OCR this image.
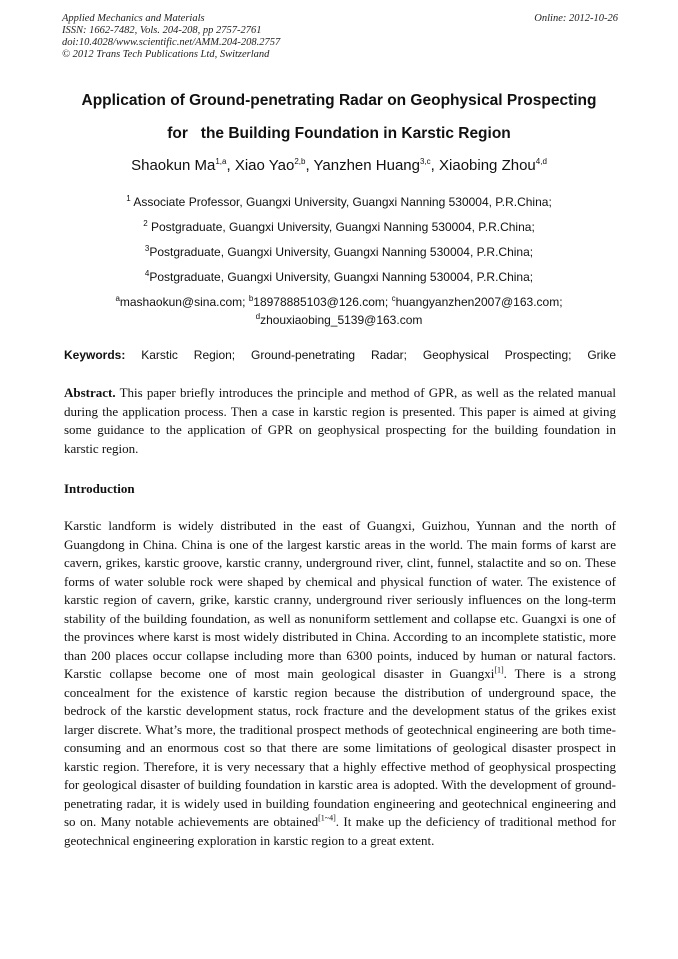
Applied Mechanics and Materials
ISSN: 1662-7482, Vols. 204-208, pp 2757-2761
doi:10.4028/www.scientific.net/AMM.204-208.2757
© 2012 Trans Tech Publications Ltd, Switzerland
Online: 2012-10-26
Application of Ground-penetrating Radar on Geophysical Prospecting
for   the Building Foundation in Karstic Region
Shaokun Ma$^{1,a}$, Xiao Yao$^{2,b}$, Yanzhen Huang$^{3,c}$, Xiaobing Zhou$^{4,d}$
$^1$ Associate Professor, Guangxi University, Guangxi Nanning 530004, P.R.China;
$^2$ Postgraduate, Guangxi University, Guangxi Nanning 530004, P.R.China;
$^3$Postgraduate, Guangxi University, Guangxi Nanning 530004, P.R.China;
$^4$Postgraduate, Guangxi University, Guangxi Nanning 530004, P.R.China;
$^a$mashaokun@sina.com; $^b$18978885103@126.com; $^c$huangyanzhen2007@163.com;
$^d$zhouxiaobing_5139@163.com
Keywords: Karstic Region; Ground-penetrating Radar; Geophysical Prospecting; Grike
Abstract. This paper briefly introduces the principle and method of GPR, as well as the related manual during the application process. Then a case in karstic region is presented. This paper is aimed at giving some guidance to the application of GPR on geophysical prospecting for the building foundation in karstic region.
Introduction
Karstic landform is widely distributed in the east of Guangxi, Guizhou, Yunnan and the north of Guangdong in China. China is one of the largest karstic areas in the world. The main forms of karst are cavern, grikes, karstic groove, karstic cranny, underground river, clint, funnel, stalactite and so on. These forms of water soluble rock were shaped by chemical and physical function of water. The existence of karstic region of cavern, grike, karstic cranny, underground river seriously influences on the long-term stability of the building foundation, as well as nonuniform settlement and collapse etc. Guangxi is one of the provinces where karst is most widely distributed in China. According to an incomplete statistic, more than 200 places occur collapse including more than 6300 points, induced by human or natural factors. Karstic collapse become one of most main geological disaster in Guangxi[1]. There is a strong concealment for the existence of karstic region because the distribution of underground space, the bedrock of the karstic development status, rock fracture and the development status of the grikes exist larger discrete. What’s more, the traditional prospect methods of geotechnical engineering are both time-consuming and an enormous cost so that there are some limitations of geological disaster prospect in karstic region. Therefore, it is very necessary that a highly effective method of geophysical prospecting for geological disaster of building foundation in karstic area is adopted. With the development of ground-penetrating radar, it is widely used in building foundation engineering and geotechnical engineering and so on. Many notable achievements are obtained[1~4]. It make up the deficiency of traditional method for geotechnical engineering exploration in karstic region to a great extent.
